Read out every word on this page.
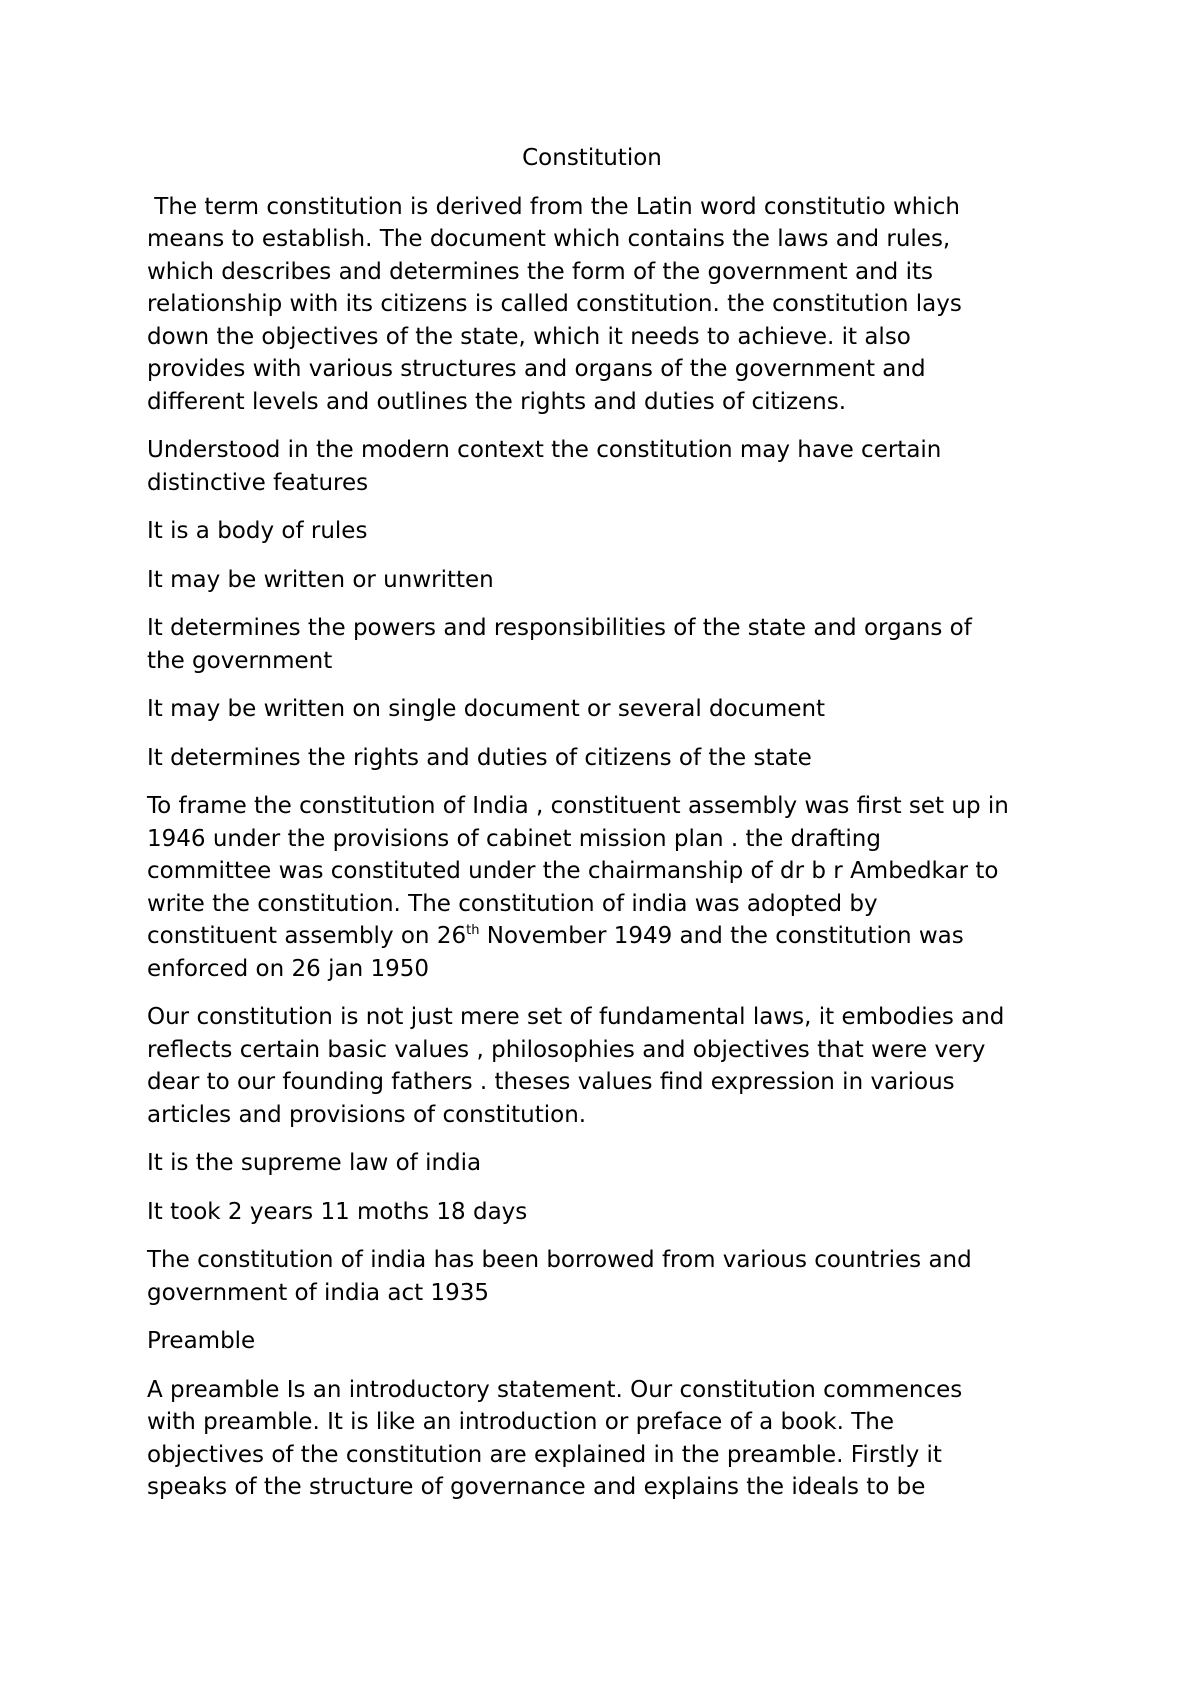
Constitution
The term constitution is derived from the Latin word constitutio which
means to establish. The document which contains the laws and rules,
which describes and determines the form of the government and its
relationship with its citizens is called constitution. the constitution lays
down the objectives of the state, which it needs to achieve. it also
provides with various structures and organs of the government and
different levels and outlines the rights and duties of citizens.
Understood in the modern context the constitution may have certain
distinctive features
It is a body of rules
It may be written or unwritten
It determines the powers and responsibilities of the state and organs of
the government
It may be written on single document or several document
It determines the rights and duties of citizens of the state
To frame the constitution of India , constituent assembly was first set up in
1946 under the provisions of cabinet mission plan . the drafting
committee was constituted under the chairmanship of dr b r Ambedkar to
write the constitution. The constitution of india was adopted by
constituent assembly on 26th November 1949 and the constitution was
enforced on 26 jan 1950
Our constitution is not just mere set of fundamental laws, it embodies and
reflects certain basic values , philosophies and objectives that were very
dear to our founding fathers . theses values find expression in various
articles and provisions of constitution.
It is the supreme law of india
It took 2 years 11 moths 18 days
The constitution of india has been borrowed from various countries and
government of india act 1935
Preamble
A preamble Is an introductory statement. Our constitution commences
with preamble. It is like an introduction or preface of a book. The
objectives of the constitution are explained in the preamble. Firstly it
speaks of the structure of governance and explains the ideals to be
